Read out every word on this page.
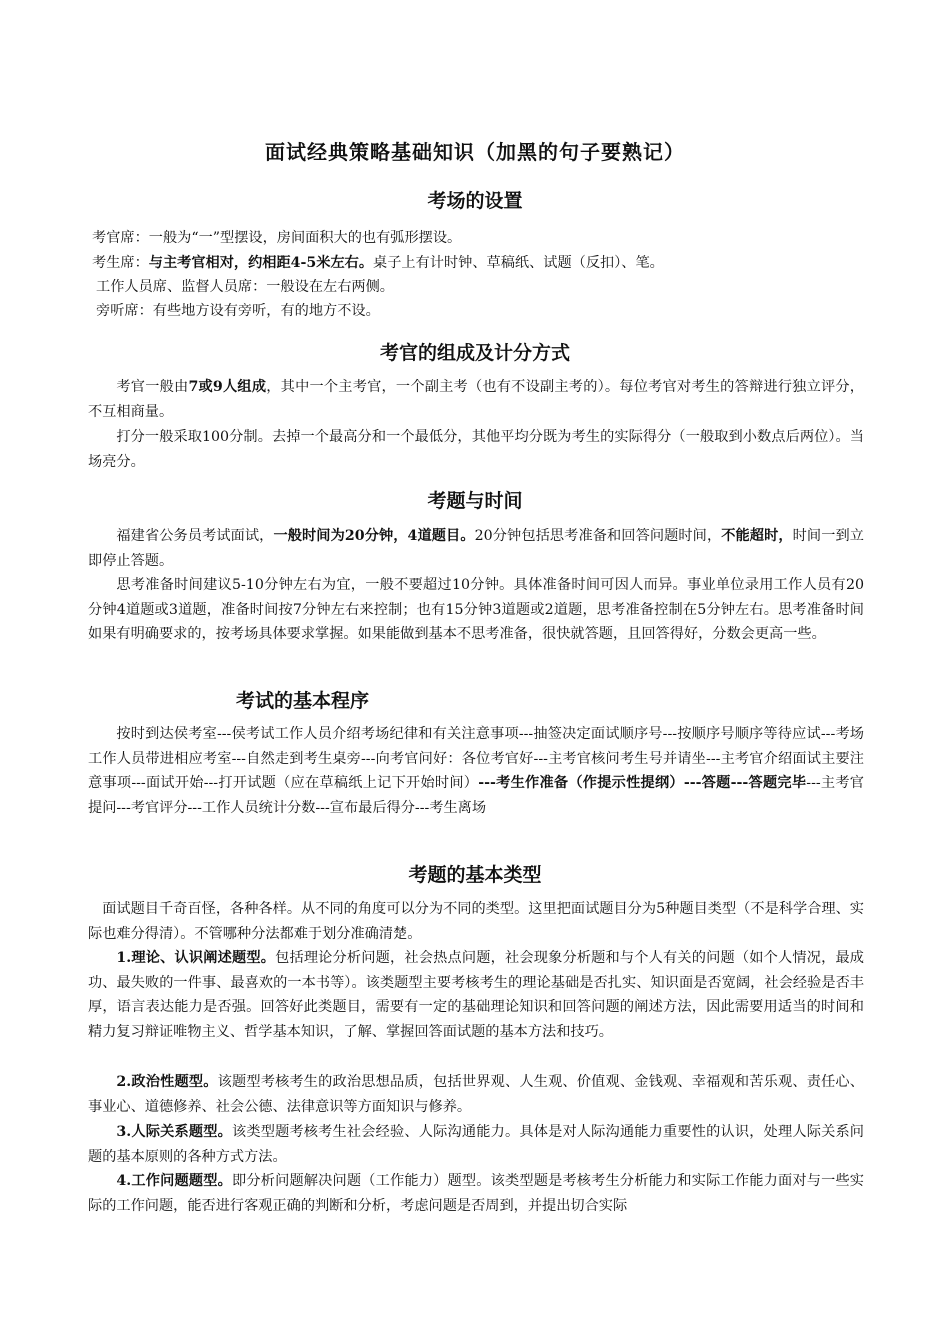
面试经典策略基础知识（加黑的句子要熟记）
考场的设置
考官席：一般为“一”型摆设，房间面积大的也有弧形摆设。
考生席：与主考官相对，约相距4-5米左右。桌子上有计时钟、草稿纸、试题（反扣）、笔。
工作人员席、监督人员席：一般设在左右两侧。
旁听席：有些地方设有旁听，有的地方不设。
考官的组成及计分方式
考官一般由7或9人组成，其中一个主考官，一个副主考（也有不设副主考的）。每位考官对考生的答辩进行独立评分，不互相商量。
打分一般采取100分制。去掉一个最高分和一个最低分，其他平均分既为考生的实际得分（一般取到小数点后两位）。当场亮分。
考题与时间
福建省公务员考试面试，一般时间为20分钟，4道题目。20分钟包括思考准备和回答问题时间，不能超时，时间一到立即停止答题。
思考准备时间建议5-10分钟左右为宜，一般不要超过10分钟。具体准备时间可因人而异。事业单位录用工作人员有20分钟4道题或3道题，准备时间按7分钟左右来控制；也有15分钟3道题或2道题，思考准备控制在5分钟左右。思考准备时间如果有明确要求的，按考场具体要求掌握。如果能做到基本不思考准备，很快就答题，且回答得好，分数会更高一些。
考试的基本程序
按时到达侯考室---侯考试工作人员介绍考场纪律和有关注意事项---抽签决定面试顺序号---按顺序号顺序等待应试---考场工作人员带进相应考室---自然走到考生桌旁---向考官问好：各位考官好---主考官核问考生号并请坐---主考官介绍面试主要注意事项---面试开始---打开试题（应在草稿纸上记下开始时间）---考生作准备（作提示性提纲）---答题---答题完毕---主考官提问---考官评分---工作人员统计分数---宣布最后得分---考生离场
考题的基本类型
面试题目千奇百怪，各种各样。从不同的角度可以分为不同的类型。这里把面试题目分为5种题目类型（不是科学合理、实际也难分得清）。不管哪种分法都难于划分准确清楚。
1.理论、认识阐述题型。包括理论分析问题，社会热点问题，社会现象分析题和与个人有关的问题（如个人情况，最成功、最失败的一件事、最喜欢的一本书等）。该类题型主要考核考生的理论基础是否扎实、知识面是否宽阔，社会经验是否丰厚，语言表达能力是否强。回答好此类题目，需要有一定的基础理论知识和回答问题的阐述方法，因此需要用适当的时间和精力复习辩证唯物主义、哲学基本知识，了解、掌握回答面试题的基本方法和技巧。
2.政治性题型。该题型考核考生的政治思想品质，包括世界观、人生观、价值观、金钱观、幸福观和苦乐观、责任心、事业心、道德修养、社会公德、法律意识等方面知识与修养。
3.人际关系题型。该类型题考核考生社会经验、人际沟通能力。具体是对人际沟通能力重要性的认识，处理人际关系问题的基本原则的各种方式方法。
4.工作问题题型。即分析问题解决问题（工作能力）题型。该类型题是考核考生分析能力和实际工作能力面对与一些实际的工作问题，能否进行客观正确的判断和分析，考虑问题是否周到，并提出切合实际
